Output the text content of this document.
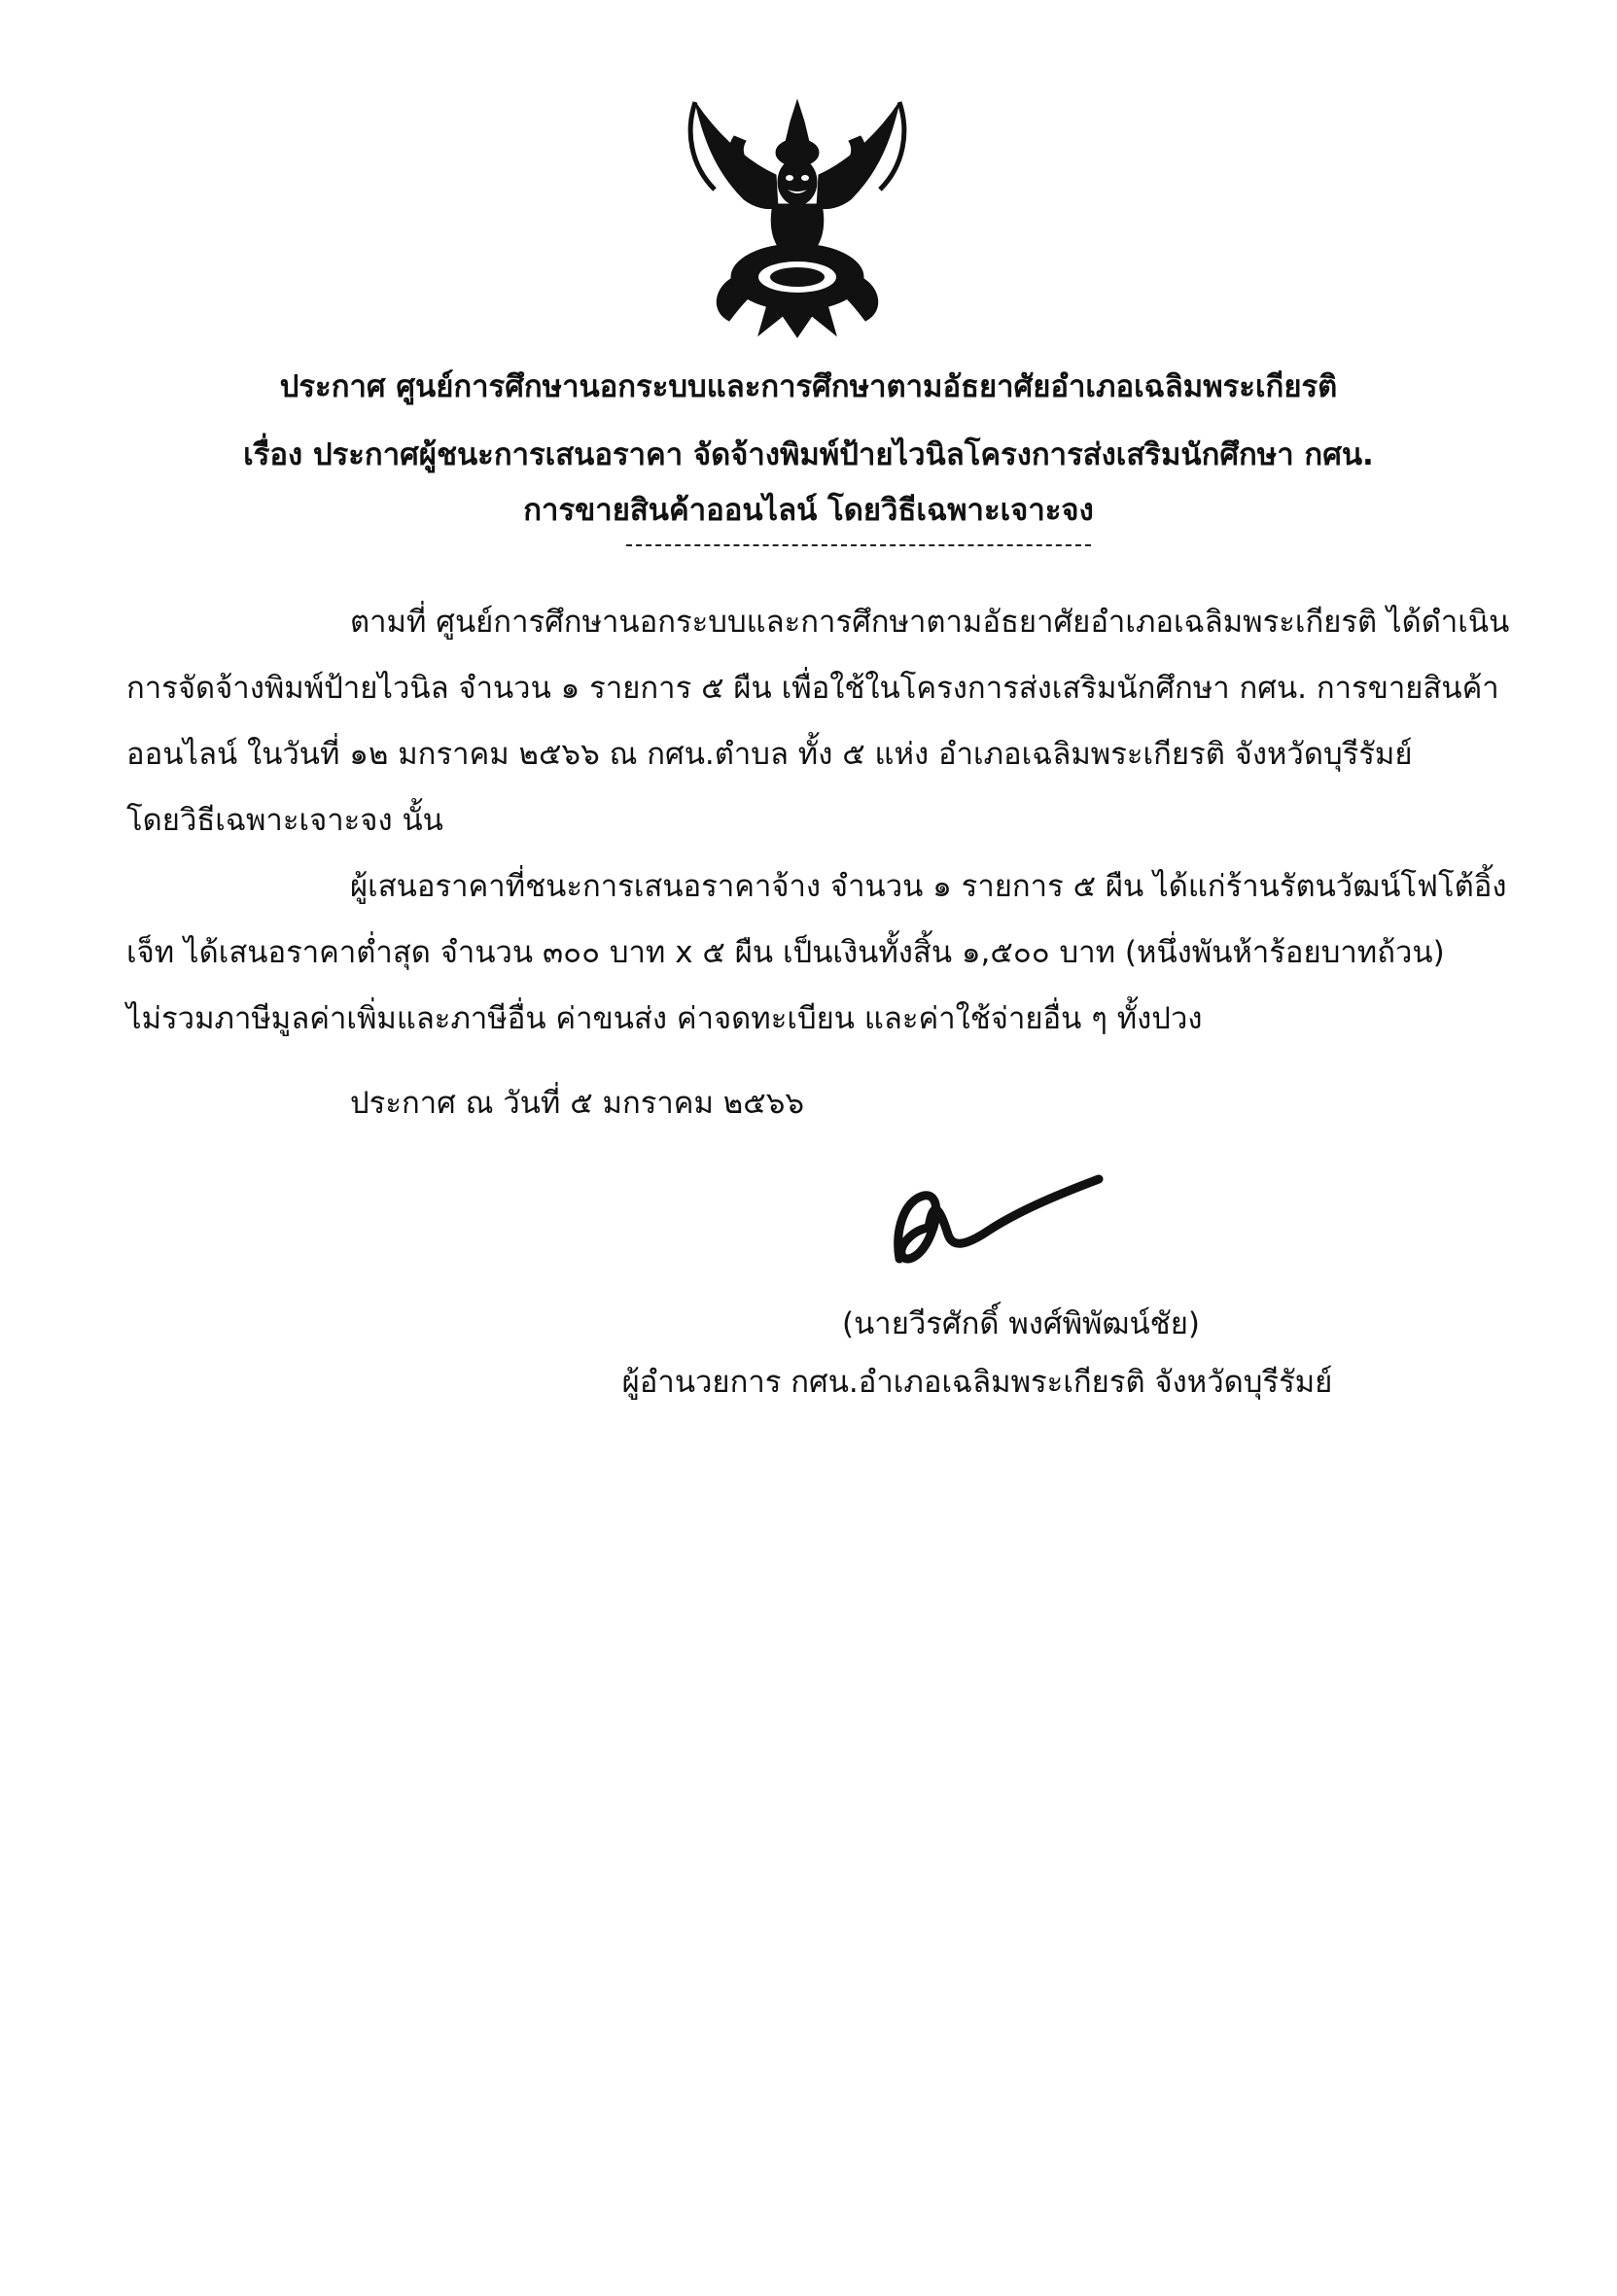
ประกาศ ศูนย์การศึกษานอกระบบและการศึกษาตามอัธยาศัยอำเภอเฉลิมพระเกียรติ
เรื่อง ประกาศผู้ชนะการเสนอราคา จัดจ้างพิมพ์ป้ายไวนิลโครงการส่งเสริมนักศึกษา กศน.
การขายสินค้าออนไลน์ โดยวิธีเฉพาะเจาะจง
ตามที่ ศูนย์การศึกษานอกระบบและการศึกษาตามอัธยาศัยอำเภอเฉลิมพระเกียรติ ได้ดำเนิน
การจัดจ้างพิมพ์ป้ายไวนิล จำนวน ๑ รายการ ๕ ผืน เพื่อใช้ในโครงการส่งเสริมนักศึกษา กศน. การขายสินค้า
ออนไลน์ ในวันที่ ๑๒ มกราคม ๒๕๖๖ ณ กศน.ตำบล ทั้ง ๕ แห่ง อำเภอเฉลิมพระเกียรติ จังหวัดบุรีรัมย์
โดยวิธีเฉพาะเจาะจง นั้น
ผู้เสนอราคาที่ชนะการเสนอราคาจ้าง จำนวน ๑ รายการ ๕ ผืน ได้แก่ร้านรัตนวัฒน์โฟโต้อิ้ง
เจ็ท ได้เสนอราคาต่ำสุด จำนวน ๓๐๐ บาท x ๕ ผืน เป็นเงินทั้งสิ้น ๑,๕๐๐ บาท (หนึ่งพันห้าร้อยบาทถ้วน)
ไม่รวมภาษีมูลค่าเพิ่มและภาษีอื่น ค่าขนส่ง ค่าจดทะเบียน และค่าใช้จ่ายอื่น ๆ ทั้งปวง
ประกาศ ณ วันที่ ๕ มกราคม ๒๕๖๖
(นายวีรศักดิ์ พงศ์พิพัฒน์ชัย)
ผู้อำนวยการ กศน.อำเภอเฉลิมพระเกียรติ จังหวัดบุรีรัมย์
